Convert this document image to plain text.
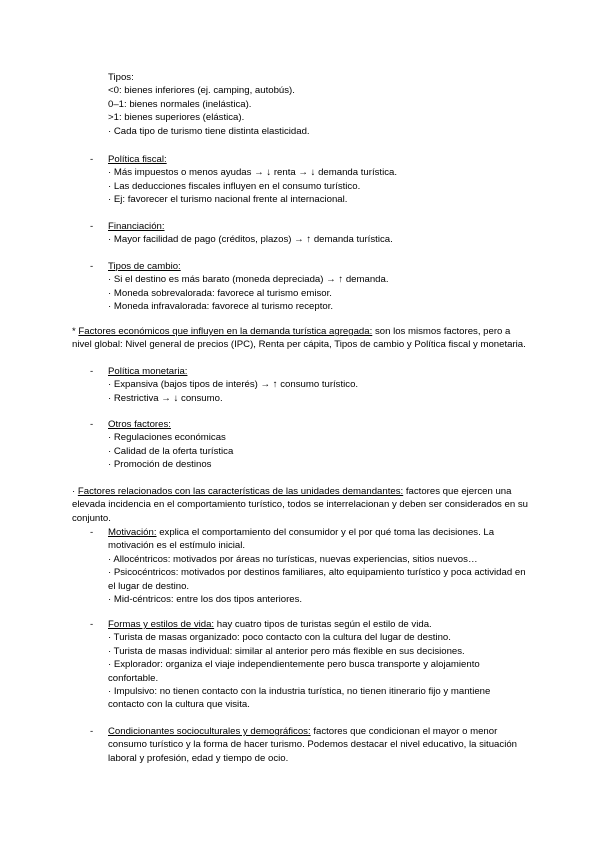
Tipos:
<0: bienes inferiores (ej. camping, autobús).
0–1: bienes normales (inelástica).
>1: bienes superiores (elástica).
· Cada tipo de turismo tiene distinta elasticidad.
- Política fiscal:
· Más impuestos o menos ayudas → ↓ renta → ↓ demanda turística.
· Las deducciones fiscales influyen en el consumo turístico.
· Ej: favorecer el turismo nacional frente al internacional.
- Financiación:
· Mayor facilidad de pago (créditos, plazos) → ↑ demanda turística.
- Tipos de cambio:
· Si el destino es más barato (moneda depreciada) → ↑ demanda.
· Moneda sobrevalorada: favorece al turismo emisor.
· Moneda infravalorada: favorece al turismo receptor.
* Factores económicos que influyen en la demanda turística agregada: son los mismos factores, pero a nivel global: Nivel general de precios (IPC), Renta per cápita, Tipos de cambio y Política fiscal y monetaria.
- Política monetaria:
· Expansiva (bajos tipos de interés) → ↑ consumo turístico.
· Restrictiva → ↓ consumo.
- Otros factores:
· Regulaciones económicas
· Calidad de la oferta turística
· Promoción de destinos
· Factores relacionados con las características de las unidades demandantes: factores que ejercen una elevada incidencia en el comportamiento turístico, todos se interrelacionan y deben ser considerados en su conjunto.
- Motivación: explica el comportamiento del consumidor y el por qué toma las decisiones. La motivación es el estímulo inicial.
· Allocéntricos: motivados por áreas no turísticas, nuevas experiencias, sitios nuevos…
· Psicocéntricos: motivados por destinos familiares, alto equipamiento turístico y poca actividad en el lugar de destino.
· Mid-céntricos: entre los dos tipos anteriores.
- Formas y estilos de vida: hay cuatro tipos de turistas según el estilo de vida.
· Turista de masas organizado: poco contacto con la cultura del lugar de destino.
· Turista de masas individual: similar al anterior pero más flexible en sus decisiones.
· Explorador: organiza el viaje independientemente pero busca transporte y alojamiento confortable.
· Impulsivo: no tienen contacto con la industria turística, no tienen itinerario fijo y mantiene contacto con la cultura que visita.
- Condicionantes socioculturales y demográficos: factores que condicionan el mayor o menor consumo turístico y la forma de hacer turismo. Podemos destacar el nivel educativo, la situación laboral y profesión, edad y tiempo de ocio.
